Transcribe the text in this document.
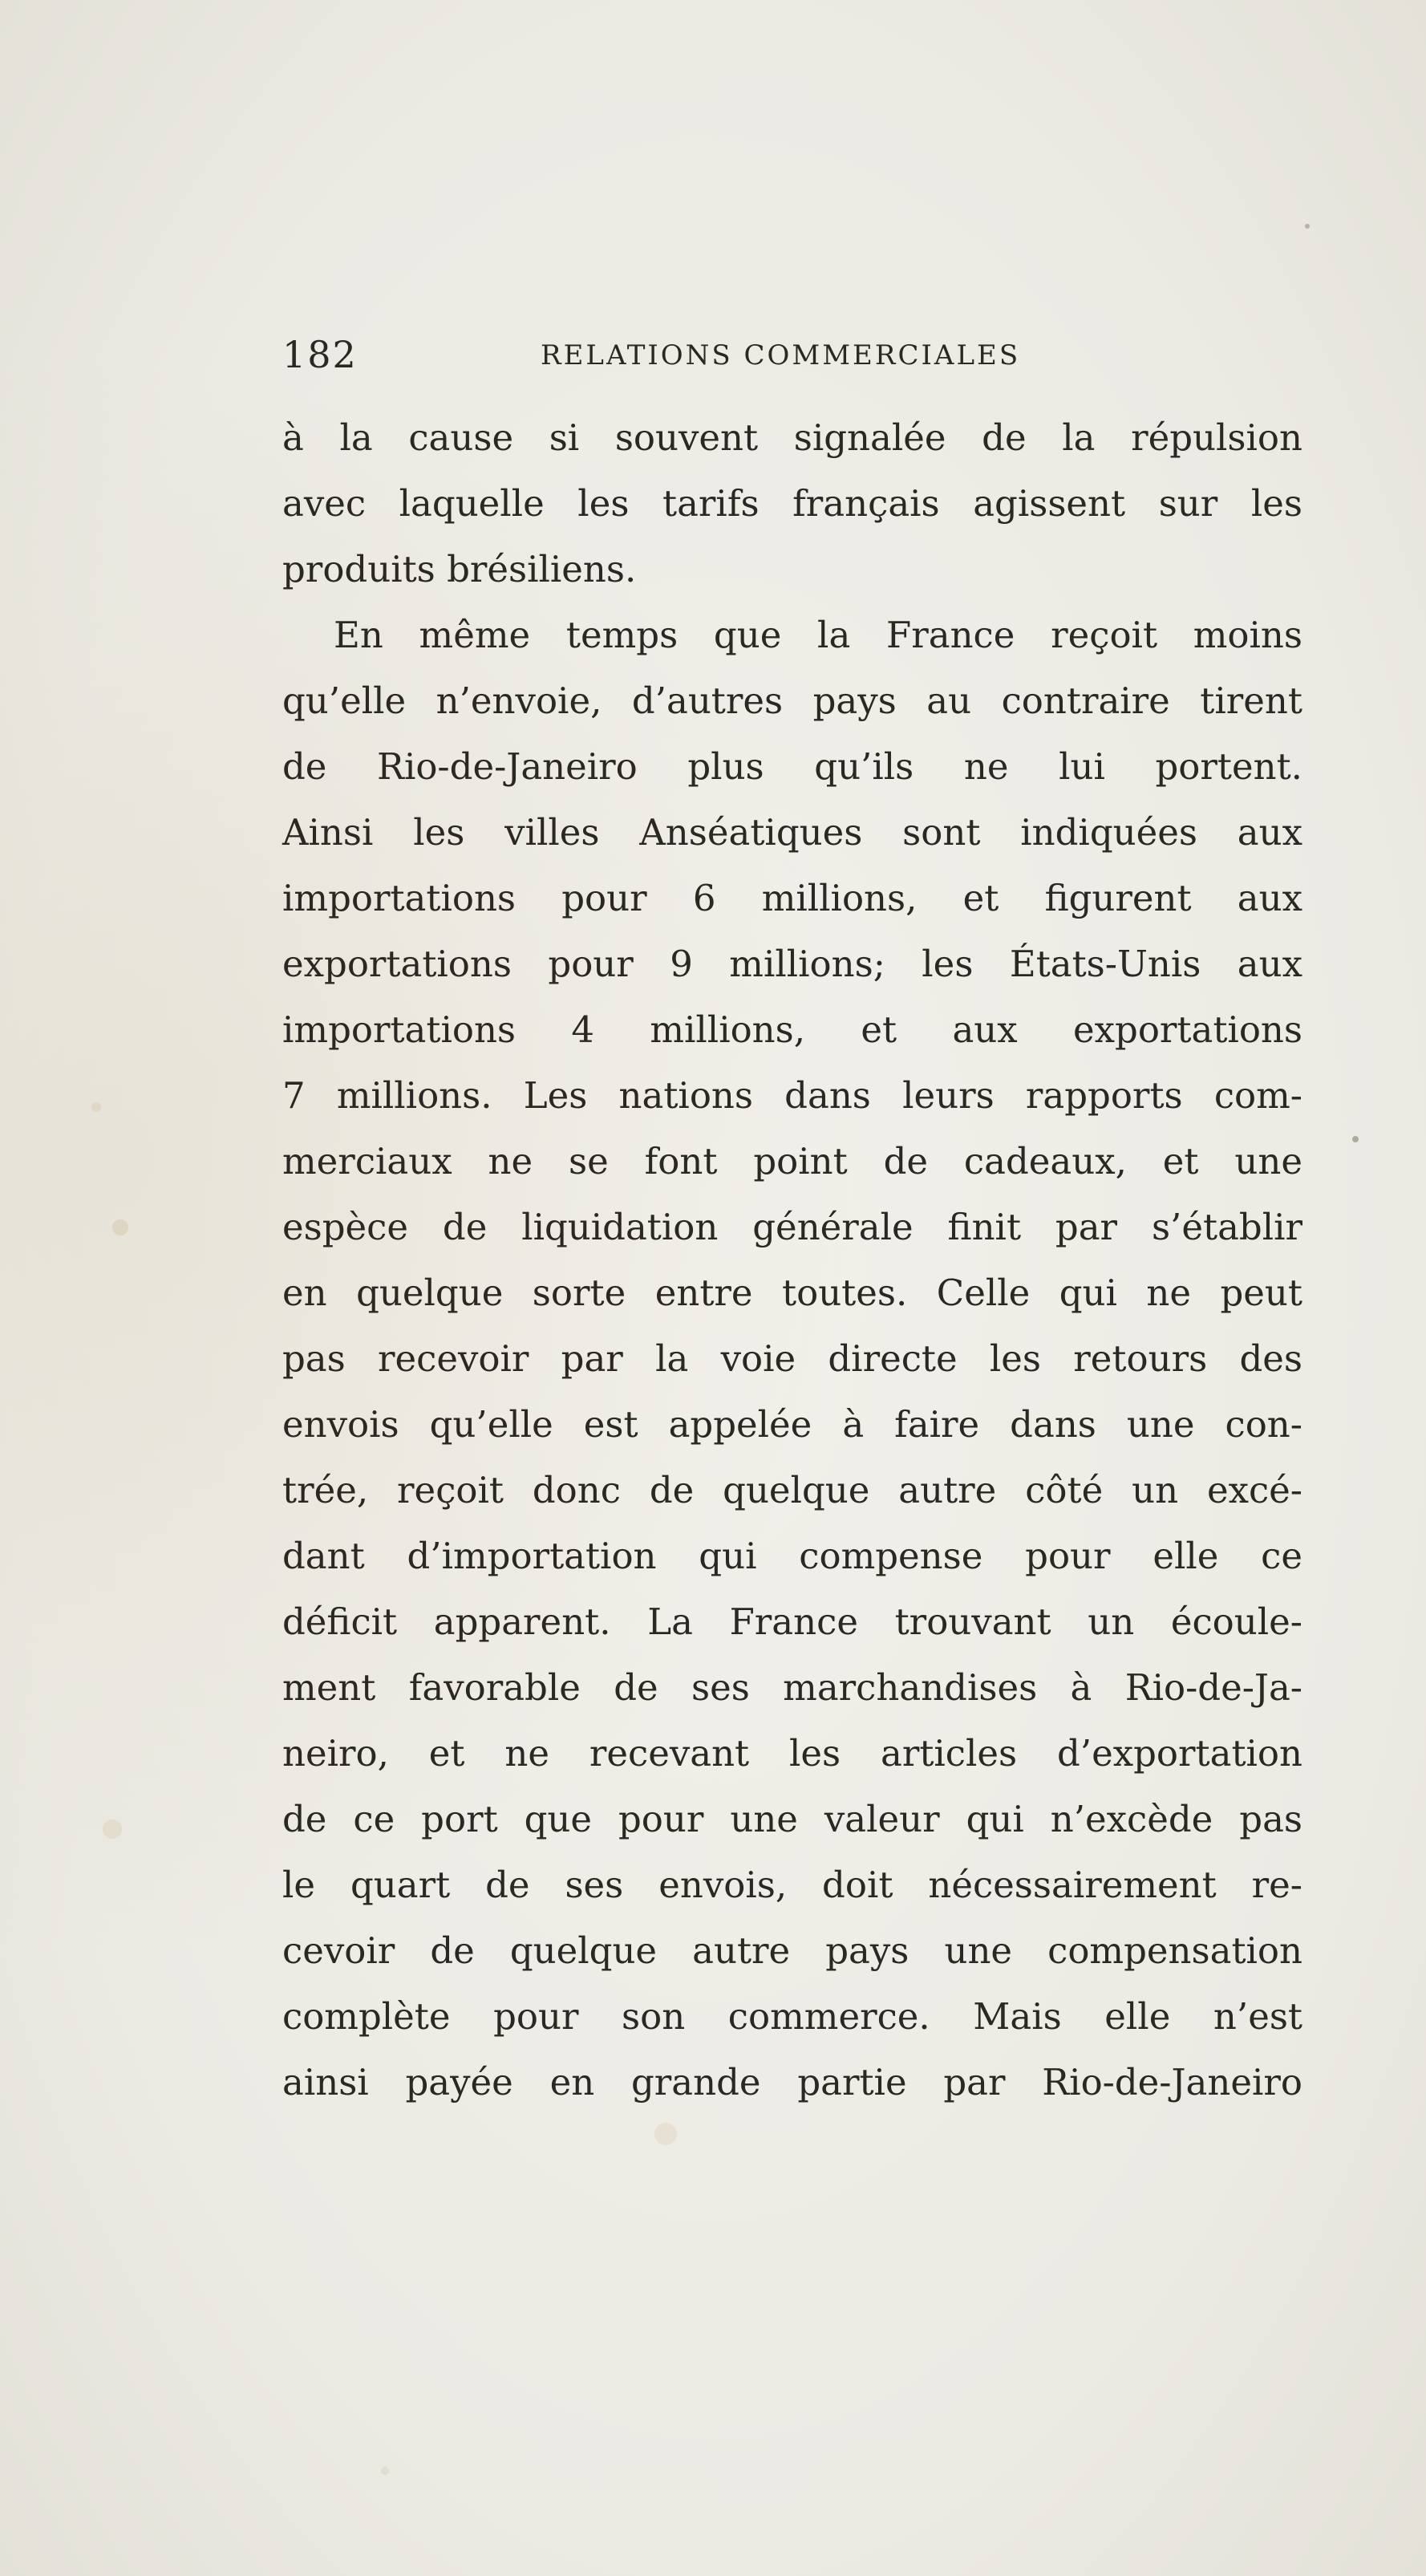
182	RELATIONS COMMERCIALES
à la cause si souvent signalée de la répulsion
avec laquelle les tarifs français agissent sur les
produits brésiliens.
En même temps que la France reçoit moins
qu’elle n’envoie, d’autres pays au contraire tirent
de Rio-de-Janeiro plus qu’ils ne lui portent.
Ainsi les villes Anséatiques sont indiquées aux
importations pour 6 millions, et figurent aux
exportations pour 9 millions; les États-Unis aux
importations 4 millions, et aux exportations
7 millions. Les nations dans leurs rapports com-
merciaux ne se font point de cadeaux, et une
espèce de liquidation générale finit par s’établir
en quelque sorte entre toutes. Celle qui ne peut
pas recevoir par la voie directe les retours des
envois qu’elle est appelée à faire dans une con-
trée, reçoit donc de quelque autre côté un excé-
dant d’importation qui compense pour elle ce
déficit apparent. La France trouvant un écoule-
ment favorable de ses marchandises à Rio-de-Ja-
neiro, et ne recevant les articles d’exportation
de ce port que pour une valeur qui n’excède pas
le quart de ses envois, doit nécessairement re-
cevoir de quelque autre pays une compensation
complète pour son commerce. Mais elle n’est
ainsi payée en grande partie par Rio-de-Janeiro
